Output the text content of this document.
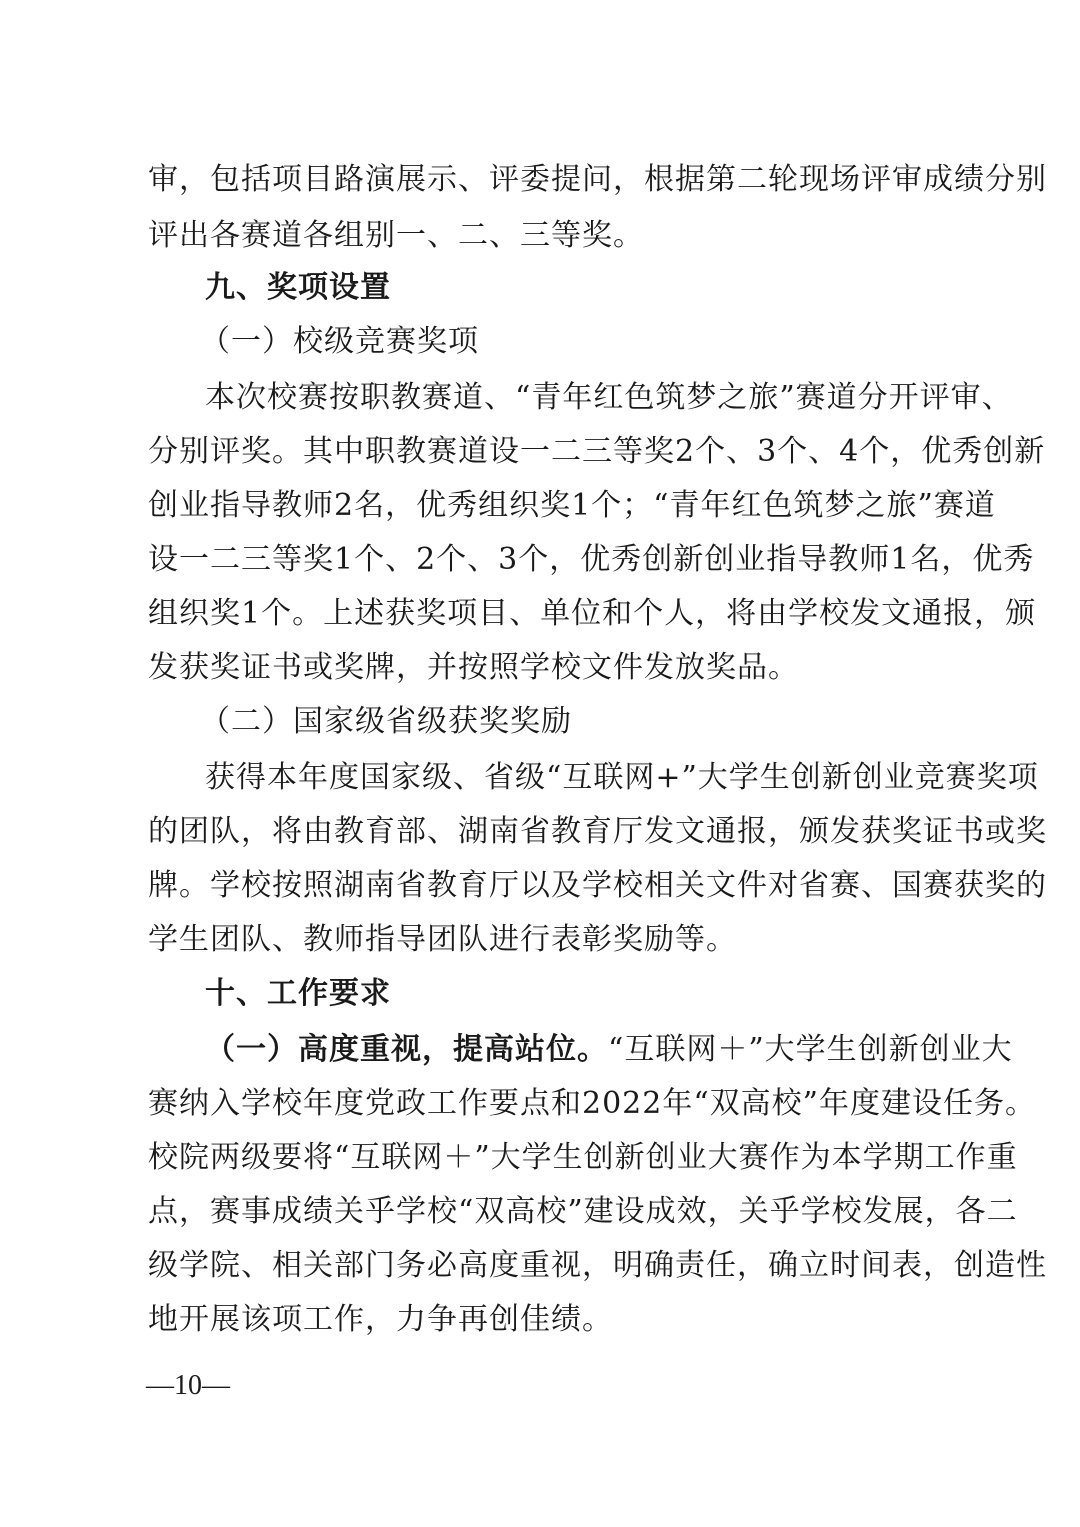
审，包括项目路演展示、评委提问，根据第二轮现场评审成绩分别
评出各赛道各组别一、二、三等奖。
九、奖项设置
（一）校级竞赛奖项
本次校赛按职教赛道、“青年红色筑梦之旅”赛道分开评审、
分别评奖。其中职教赛道设一二三等奖2个、3个、4个，优秀创新
创业指导教师2名，优秀组织奖1个；“青年红色筑梦之旅”赛道
设一二三等奖1个、2个、3个，优秀创新创业指导教师1名，优秀
组织奖1个。上述获奖项目、单位和个人，将由学校发文通报，颁
发获奖证书或奖牌，并按照学校文件发放奖品。
（二）国家级省级获奖奖励
获得本年度国家级、省级“互联网+”大学生创新创业竞赛奖项
的团队，将由教育部、湖南省教育厅发文通报，颁发获奖证书或奖
牌。学校按照湖南省教育厅以及学校相关文件对省赛、国赛获奖的
学生团队、教师指导团队进行表彰奖励等。
十、工作要求
（一）高度重视，提高站位。“互联网＋”大学生创新创业大
赛纳入学校年度党政工作要点和2022年“双高校”年度建设任务。
校院两级要将“互联网＋”大学生创新创业大赛作为本学期工作重
点，赛事成绩关乎学校“双高校”建设成效，关乎学校发展，各二
级学院、相关部门务必高度重视，明确责任，确立时间表，创造性
地开展该项工作，力争再创佳绩。
—10—
